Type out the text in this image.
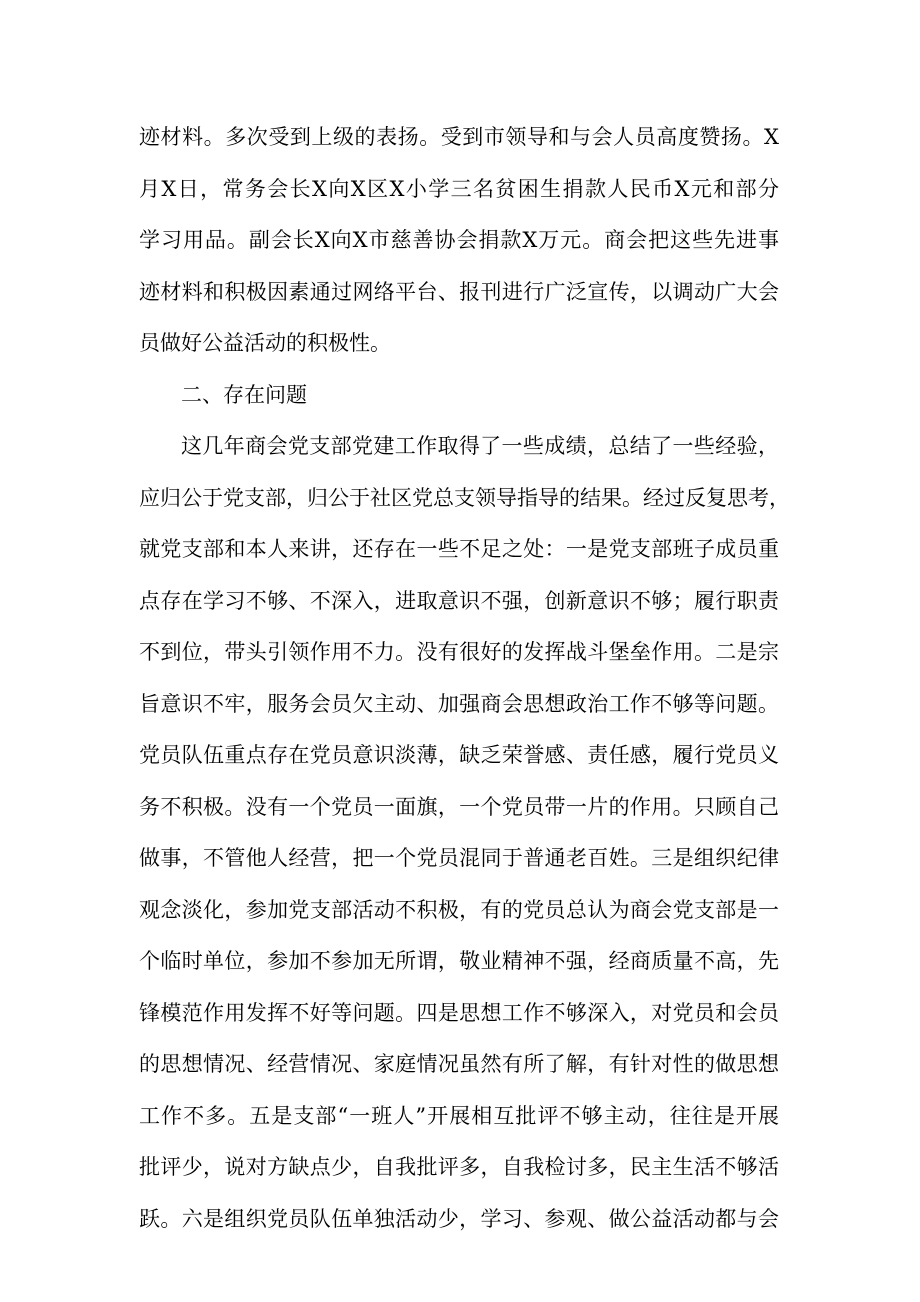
迹材料。多次受到上级的表扬。受到市领导和与会人员高度赞扬。X
月X日，常务会长X向X区X小学三名贫困生捐款人民币X元和部分
学习用品。副会长X向X市慈善协会捐款X万元。商会把这些先进事
迹材料和积极因素通过网络平台、报刊进行广泛宣传，以调动广大会
员做好公益活动的积极性。
二、存在问题
这几年商会党支部党建工作取得了一些成绩，总结了一些经验，
应归公于党支部，归公于社区党总支领导指导的结果。经过反复思考，
就党支部和本人来讲，还存在一些不足之处：一是党支部班子成员重
点存在学习不够、不深入，进取意识不强，创新意识不够；履行职责
不到位，带头引领作用不力。没有很好的发挥战斗堡垒作用。二是宗
旨意识不牢，服务会员欠主动、加强商会思想政治工作不够等问题。
党员队伍重点存在党员意识淡薄，缺乏荣誉感、责任感，履行党员义
务不积极。没有一个党员一面旗，一个党员带一片的作用。只顾自己
做事，不管他人经营，把一个党员混同于普通老百姓。三是组织纪律
观念淡化，参加党支部活动不积极，有的党员总认为商会党支部是一
个临时单位，参加不参加无所谓，敬业精神不强，经商质量不高，先
锋模范作用发挥不好等问题。四是思想工作不够深入，对党员和会员
的思想情况、经营情况、家庭情况虽然有所了解，有针对性的做思想
工作不多。五是支部“一班人”开展相互批评不够主动，往往是开展
批评少，说对方缺点少，自我批评多，自我检讨多，民主生活不够活
跃。六是组织党员队伍单独活动少，学习、参观、做公益活动都与会
